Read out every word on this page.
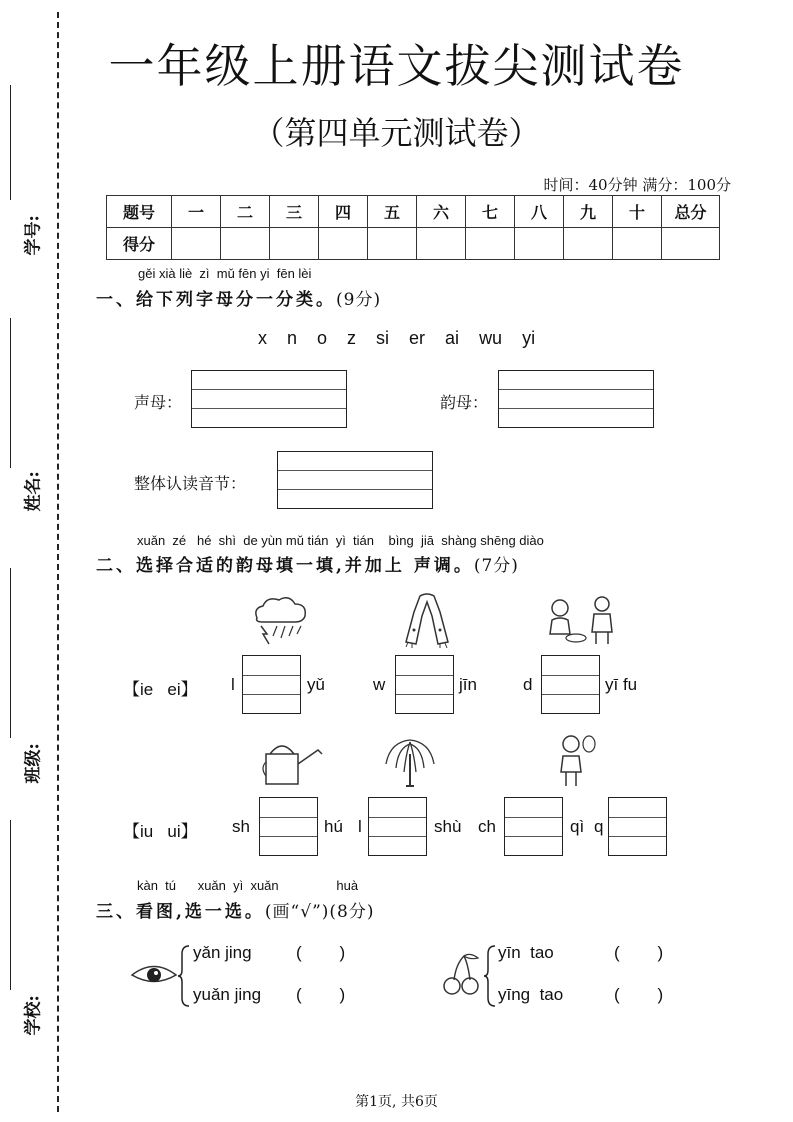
学号:
姓名:
班级:
学校:
一年级上册语文拔尖测试卷
（第四单元测试卷）
时间：40分钟 满分：100分
题号	一	二	三	四	五	六	七	八	九	十	总分
得分											
gěi xià liè  zì  mǔ fēn yi  fēn lèi
一、给下列字母分一分类。(9分)
x    n    o    z    si    er    ai    wu    yi
声母：	韵母：
整体认读音节：
xuǎn  zé   hé  shì  de yùn mǔ tián  yì  tián    bìng  jiā  shàng shēng diào
二、选择合适的韵母填一填,并加上 声调。(7分)
【ie   ei】 l	yǔ	w	jīn	d	yī fu
【iu   ui】 sh	hú l	shù ch	qì q
kàn  tú      xuǎn  yì  xuǎn                huà
三、看图,选一选。(画“√”)(8分)
yǎn jing	(        )
yuǎn jing (        )
yīn  tao	(        )
yīng  tao	(        )
第1页, 共6页
